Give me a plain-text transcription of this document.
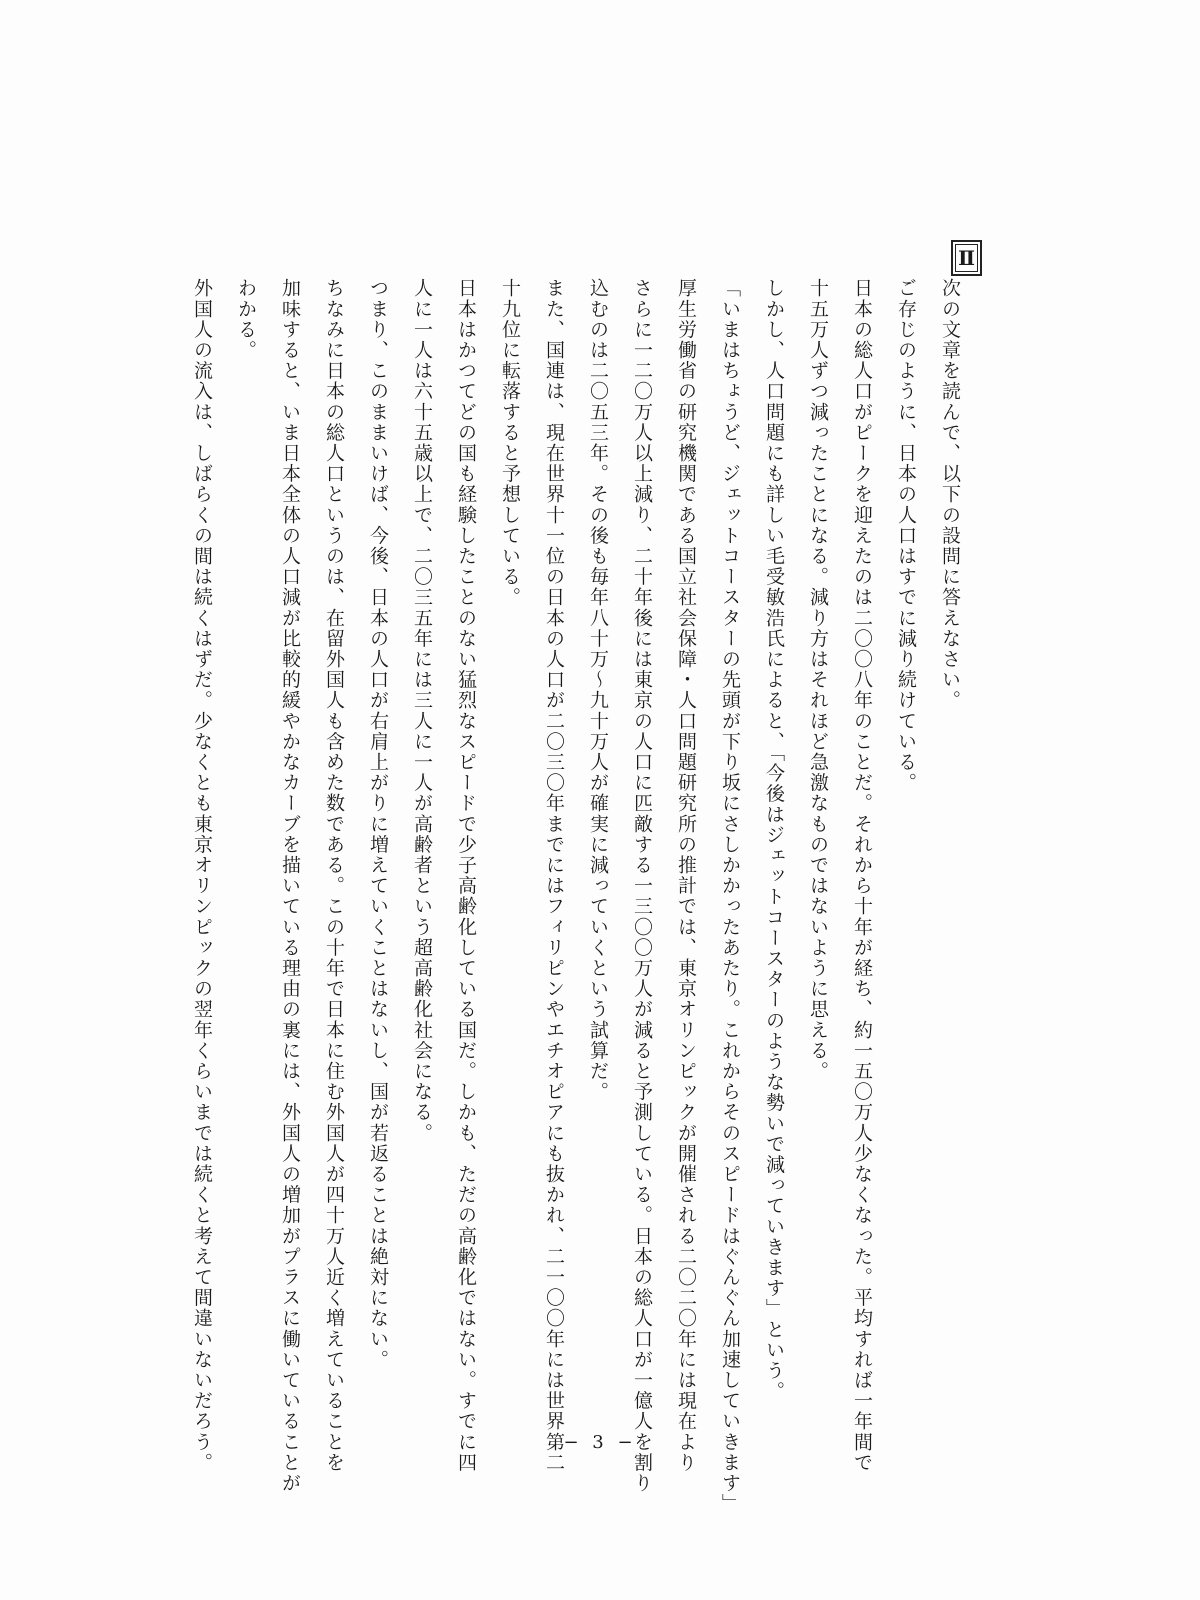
Ⅱ
次の文章を読んで、以下の設問に答えなさい。
ご存じのように、日本の人口はすでに減り続けている。
日本の総人口がピークを迎えたのは二〇〇八年のことだ。それから十年が経ち、約一五〇万人少なくなった。平均すれば一年間で
十五万人ずつ減ったことになる。減り方はそれほど急激なものではないように思える。
しかし、人口問題にも詳しい毛受敏浩氏によると、「今後はジェットコースターのような勢いで減っていきます」という。
「いまはちょうど、ジェットコースターの先頭が下り坂にさしかかったあたり。これからそのスピードはぐんぐん加速していきます」
厚生労働省の研究機関である国立社会保障・人口問題研究所の推計では、東京オリンピックが開催される二〇二〇年には現在より
さらに一二〇万人以上減り、二十年後には東京の人口に匹敵する一三〇〇万人が減ると予測している。日本の総人口が一億人を割り
込むのは二〇五三年。その後も毎年八十万〜九十万人が確実に減っていくという試算だ。
また、国連は、現在世界十一位の日本の人口が二〇三〇年までにはフィリピンやエチオピアにも抜かれ、二一〇〇年には世界第二
十九位に転落すると予想している。
日本はかつてどの国も経験したことのない猛烈なスピードで少子高齢化している国だ。しかも、ただの高齢化ではない。すでに四
人に一人は六十五歳以上で、二〇三五年には三人に一人が高齢者という超高齢化社会になる。
つまり、このままいけば、今後、日本の人口が右肩上がりに増えていくことはないし、国が若返ることは絶対にない。
ちなみに日本の総人口というのは、在留外国人も含めた数である。この十年で日本に住む外国人が四十万人近く増えていることを
加味すると、いま日本全体の人口減が比較的緩やかなカーブを描いている理由の裏には、外国人の増加がプラスに働いていることが
わかる。
外国人の流入は、しばらくの間は続くはずだ。少なくとも東京オリンピックの翌年くらいまでは続くと考えて間違いないだろう。	− 3 −
